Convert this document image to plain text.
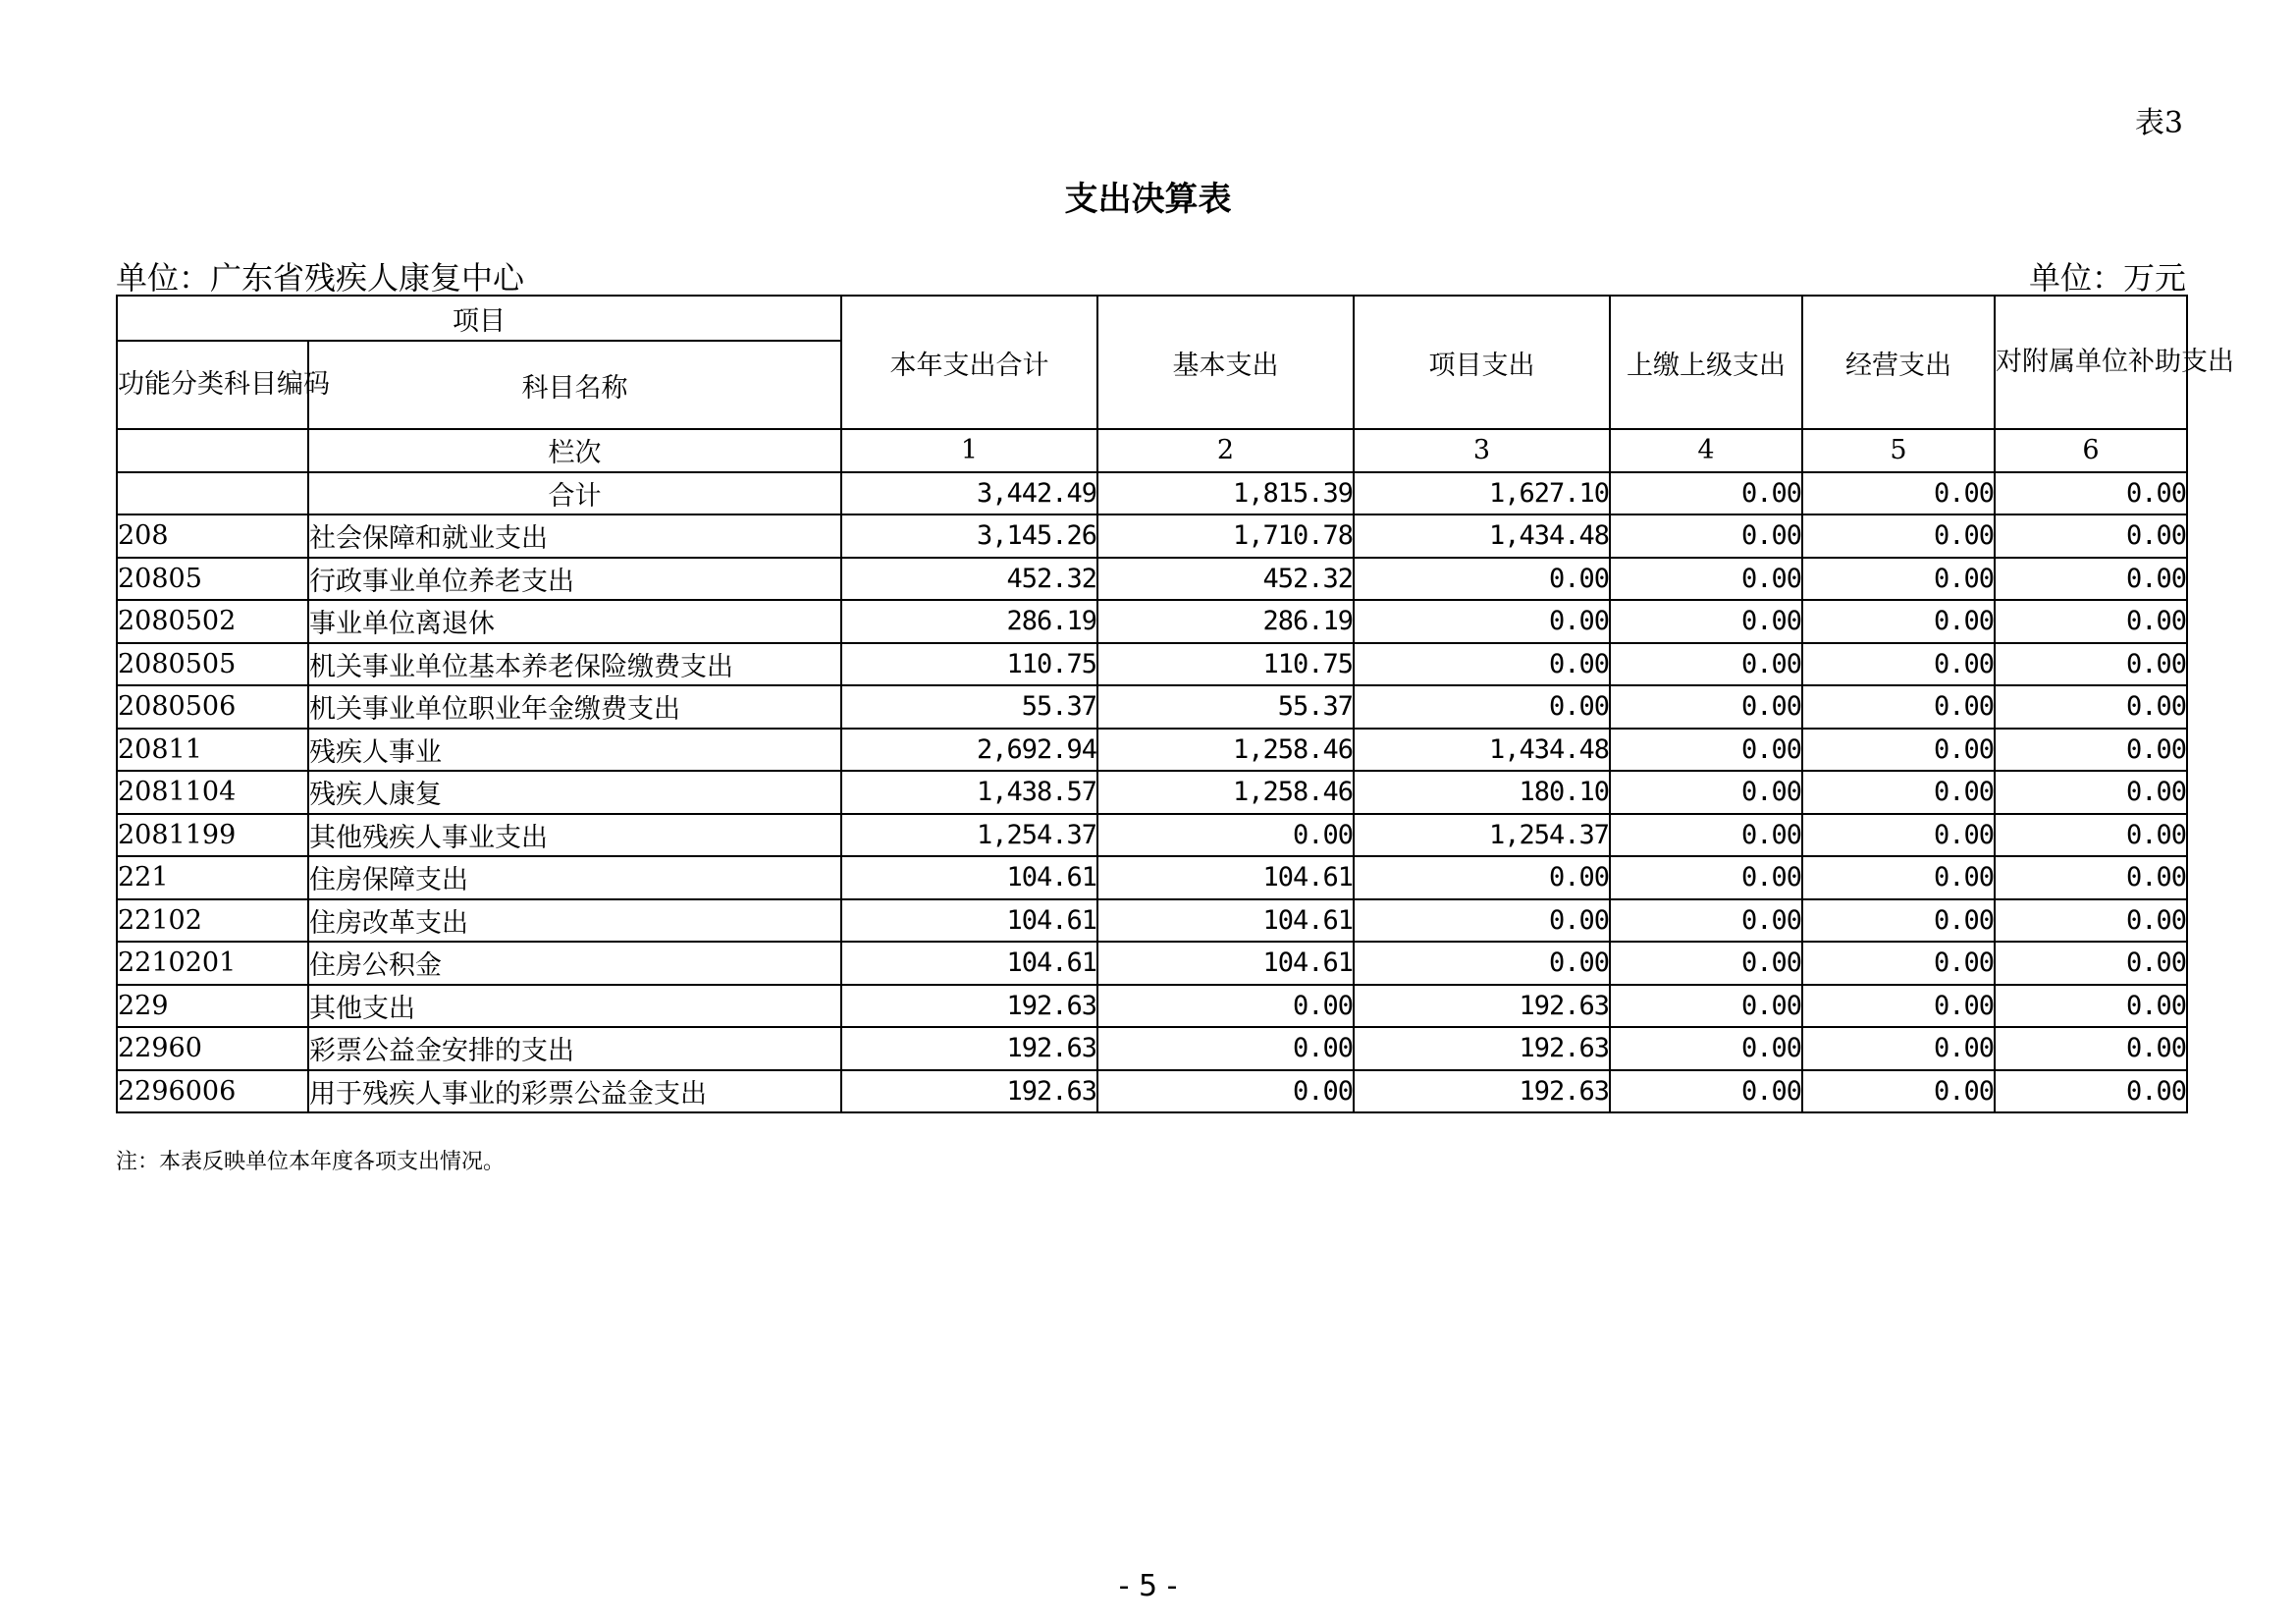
表3
支出决算表
单位：广东省残疾人康复中心	单位：万元
项目		本年支出合计	基本支出	项目支出	上缴上级支出	经营支出	对附属单位补助支出
功能分类科目编码	科目名称						
	栏次	1	2	3	4	5	6
	合计	3,442.49	1,815.39	1,627.10	0.00	0.00	0.00
208	社会保障和就业支出	3,145.26	1,710.78	1,434.48	0.00	0.00	0.00
20805	行政事业单位养老支出	452.32	452.32	0.00	0.00	0.00	0.00
2080502	事业单位离退休	286.19	286.19	0.00	0.00	0.00	0.00
2080505	机关事业单位基本养老保险缴费支出	110.75	110.75	0.00	0.00	0.00	0.00
2080506	机关事业单位职业年金缴费支出	55.37	55.37	0.00	0.00	0.00	0.00
20811	残疾人事业	2,692.94	1,258.46	1,434.48	0.00	0.00	0.00
2081104	残疾人康复	1,438.57	1,258.46	180.10	0.00	0.00	0.00
2081199	其他残疾人事业支出	1,254.37	0.00	1,254.37	0.00	0.00	0.00
221	住房保障支出	104.61	104.61	0.00	0.00	0.00	0.00
22102	住房改革支出	104.61	104.61	0.00	0.00	0.00	0.00
2210201	住房公积金	104.61	104.61	0.00	0.00	0.00	0.00
229	其他支出	192.63	0.00	192.63	0.00	0.00	0.00
22960	彩票公益金安排的支出	192.63	0.00	192.63	0.00	0.00	0.00
2296006	用于残疾人事业的彩票公益金支出	192.63	0.00	192.63	0.00	0.00	0.00
注：本表反映单位本年度各项支出情况。
- 5 -
